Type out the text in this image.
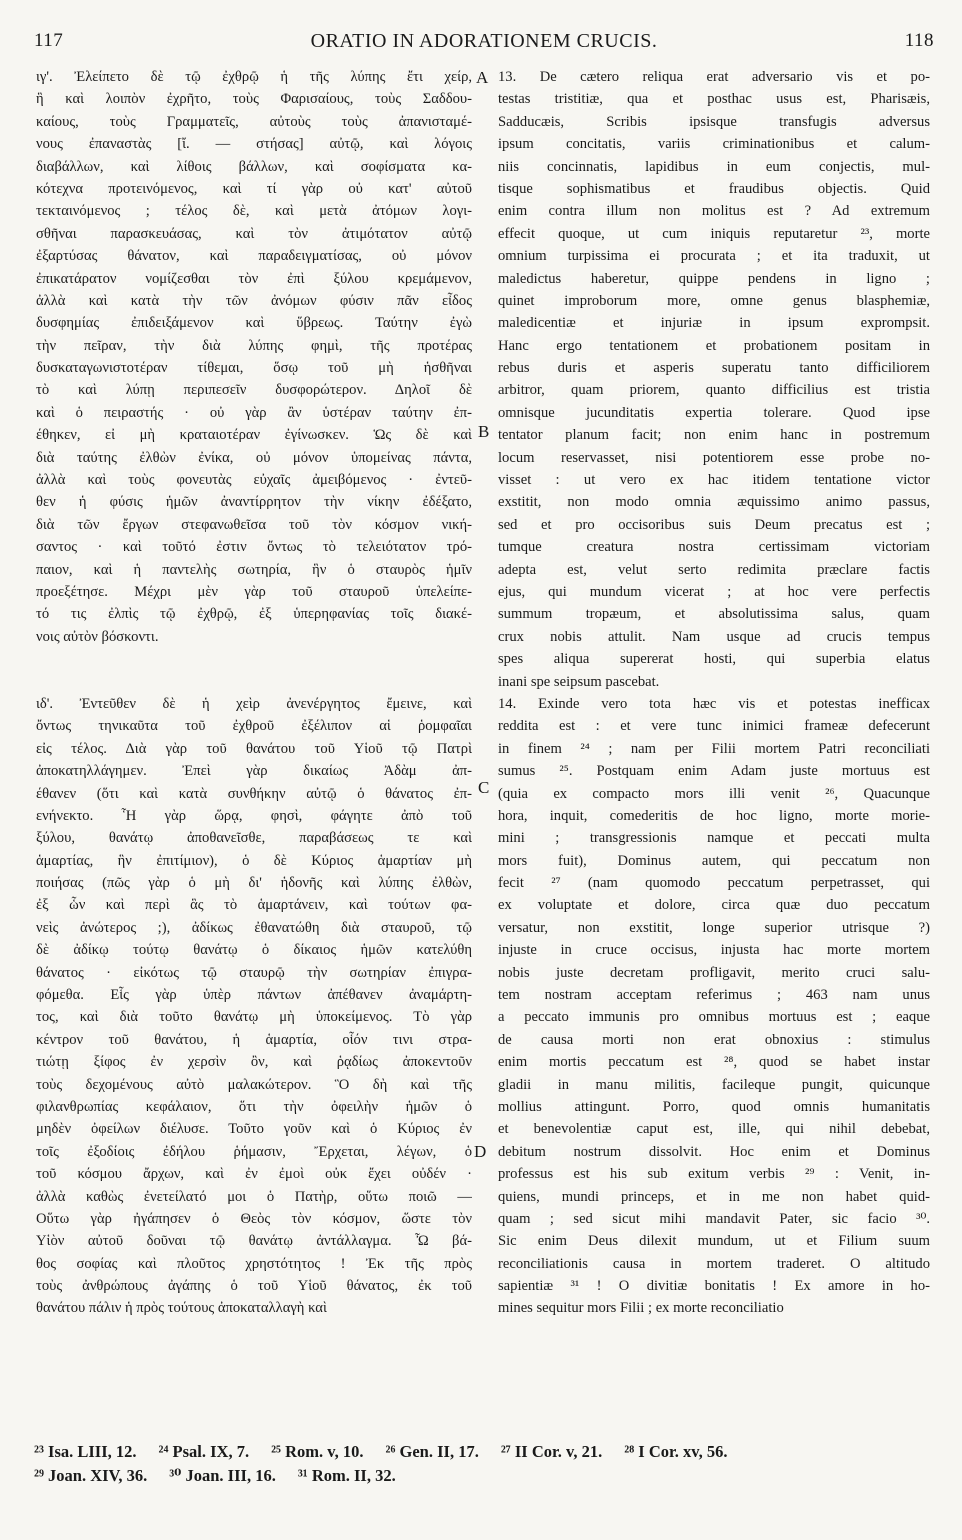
117	ORATIO IN ADORATIONEM CRUCIS.	118
ιγ'. Ἐλείπετο δὲ τῷ ἐχθρῷ ἡ τῆς λύπης ἔτι χείρ,
ἣ καὶ λοιπὸν ἐχρῆτο, τοὺς Φαρισαίους, τοὺς Σαδδου-
καίους, τοὺς Γραμματεῖς, αὐτοὺς τοὺς ἀπανισταμέ-
νους ἐπαναστὰς [ἴ. — στήσας] αὐτῷ, καὶ λόγοις
διαβάλλων, καὶ λίθοις βάλλων, καὶ σοφίσματα κα-
κότεχνα προτεινόμενος, καὶ τί γὰρ οὐ κατ' αὐτοῦ
τεκταινόμενος ; τέλος δὲ, καὶ μετὰ ἀτόμων λογι-
σθῆναι παρασκευάσας, καὶ τὸν ἀτιμότατον αὐτῷ
ἐξαρτύσας θάνατον, καὶ παραδειγματίσας, οὐ μόνον
ἐπικατάρατον νομίζεσθαι τὸν ἐπὶ ξύλου κρεμάμενον,
ἀλλὰ καὶ κατὰ τὴν τῶν ἀνόμων φύσιν πᾶν εἶδος
δυσφημίας ἐπιδειξάμενον καὶ ὕβρεως. Ταύτην ἐγὼ
τὴν πεῖραν, τὴν διὰ λύπης φημὶ, τῆς προτέρας
δυσκαταγωνιστοτέραν τίθεμαι, ὅσῳ τοῦ μὴ ἡσθῆναι
τὸ καὶ λύπῃ περιπεσεῖν δυσφορώτερον. Δηλοῖ δὲ
καὶ ὁ πειραστής · οὐ γὰρ ἂν ὑστέραν ταύτην ἐπ-
έθηκεν, εἰ μὴ κραταιοτέραν ἐγίνωσκεν. Ὡς δὲ καὶ
διὰ ταύτης ἐλθὼν ἐνίκα, οὐ μόνον ὑπομείνας πάντα,
ἀλλὰ καὶ τοὺς φονευτὰς εὐχαῖς ἀμειβόμενος · ἐντεῦ-
θεν ἡ φύσις ἡμῶν ἀναντίρρητον τὴν νίκην ἐδέξατο,
διὰ τῶν ἔργων στεφανωθεῖσα τοῦ τὸν κόσμον νική-
σαντος · καὶ τοῦτό ἐστιν ὄντως τὸ τελειότατον τρό-
παιον, καὶ ἡ παντελὴς σωτηρία, ἣν ὁ σταυρὸς ἡμῖν
προεξέτησε. Μέχρι μὲν γὰρ τοῦ σταυροῦ ὑπελείπε-
τό τις ἐλπὶς τῷ ἐχθρῷ, ἐξ ὑπερηφανίας τοῖς διακέ-
νοις αὐτὸν βόσκοντι.
ιδ'. Ἐντεῦθεν δὲ ἡ χεὶρ ἀνενέργητος ἔμεινε, καὶ
ὄντως τηνικαῦτα τοῦ ἐχθροῦ ἐξέλιπον αἱ ῥομφαῖαι
εἰς τέλος. Διὰ γὰρ τοῦ θανάτου τοῦ Υἱοῦ τῷ Πατρὶ
ἀποκατηλλάγημεν. Ἐπεὶ γὰρ δικαίως Ἀδὰμ ἀπ-
έθανεν (ὅτι καὶ κατὰ συνθήκην αὐτῷ ὁ θάνατος ἐπ-
ενήνεκτο. Ἧ γὰρ ὥρᾳ, φησὶ, φάγητε ἀπὸ τοῦ
ξύλου, θανάτῳ ἀποθανεῖσθε, παραβάσεως τε καὶ
ἁμαρτίας, ἣν ἐπιτίμιον), ὁ δὲ Κύριος ἁμαρτίαν μὴ
ποιήσας (πῶς γὰρ ὁ μὴ δι' ἡδονῆς καὶ λύπης ἐλθὼν,
ἐξ ὧν καὶ περὶ ἃς τὸ ἁμαρτάνειν, καὶ τούτων φα-
νεὶς ἀνώτερος ;), ἀδίκως ἐθανατώθη διὰ σταυροῦ, τῷ
δὲ ἀδίκῳ τούτῳ θανάτῳ ὁ δίκαιος ἡμῶν κατελύθη
θάνατος · εἰκότως τῷ σταυρῷ τὴν σωτηρίαν ἐπιγρα-
φόμεθα. Εἷς γὰρ ὑπὲρ πάντων ἀπέθανεν ἀναμάρτη-
τος, καὶ διὰ τοῦτο θανάτῳ μὴ ὑποκείμενος. Τὸ γὰρ
κέντρον τοῦ θανάτου, ἡ ἁμαρτία, οἷόν τινι στρα-
τιώτῃ ξίφος ἐν χερσὶν ὂν, καὶ ῥᾳδίως ἀποκεντοῦν
τοὺς δεχομένους αὐτὸ μαλακώτερον. Ὃ δὴ καὶ τῆς
φιλανθρωπίας κεφάλαιον, ὅτι τὴν ὀφειλὴν ἡμῶν ὁ
μηδὲν ὀφείλων διέλυσε. Τοῦτο γοῦν καὶ ὁ Κύριος ἐν
τοῖς ἐξοδίοις ἐδήλου ῥήμασιν, Ἔρχεται, λέγων, ὁ
τοῦ κόσμου ἄρχων, καὶ ἐν ἐμοὶ οὐκ ἔχει οὐδέν ·
ἀλλὰ καθὼς ἐνετείλατό μοι ὁ Πατὴρ, οὕτω ποιῶ —
Οὕτω γὰρ ἠγάπησεν ὁ Θεὸς τὸν κόσμον, ὥστε τὸν
Υἱὸν αὐτοῦ δοῦναι τῷ θανάτῳ ἀντάλλαγμα. Ὦ βά-
θος σοφίας καὶ πλοῦτος χρηστότητος ! Ἐκ τῆς πρὸς
τοὺς ἀνθρώπους ἀγάπης ὁ τοῦ Υἱοῦ θάνατος, ἐκ τοῦ
θανάτου πάλιν ἡ πρὸς τούτους ἀποκαταλλαγὴ καὶ
13. De cætero reliqua erat adversario vis et po-
testas tristitiæ, qua et posthac usus est, Pharisæis,
Sadducæis, Scribis ipsisque transfugis adversus
ipsum concitatis, variis criminationibus et calum-
niis concinnatis, lapidibus in eum conjectis, mul-
tisque sophismatibus et fraudibus objectis. Quid
enim contra illum non molitus est ? Ad extremum
effecit quoque, ut cum iniquis reputaretur ²³, morte
omnium turpissima ei procurata ; et ita traduxit, ut
maledictus haberetur, quippe pendens in ligno ;
quinet improborum more, omne genus blasphemiæ,
maledicentiæ et injuriæ in ipsum exprompsit.
Hanc ergo tentationem et probationem positam in
rebus duris et asperis superatu tanto difficiliorem
arbitror, quam priorem, quanto difficilius est tristia
omnisque jucunditatis expertia tolerare. Quod ipse
tentator planum facit; non enim hanc in postremum
locum reservasset, nisi potentiorem esse probe no-
visset : ut vero ex hac itidem tentatione victor
exstitit, non modo omnia æquissimo animo passus,
sed et pro occisoribus suis Deum precatus est ;
tumque creatura nostra certissimam victoriam
adepta est, velut serto redimita præclare factis
ejus, qui mundum vicerat ; at hoc vere perfectis
summum tropæum, et absolutissima salus, quam
crux nobis attulit. Nam usque ad crucis tempus
spes aliqua supererat hosti, qui superbia elatus
inani spe seipsum pascebat.
14. Exinde vero tota hæc vis et potestas inefficax
reddita est : et vere tunc inimici frameæ defecerunt
in finem ²⁴ ; nam per Filii mortem Patri reconciliati
sumus ²⁵. Postquam enim Adam juste mortuus est
(quia ex compacto mors illi venit ²⁶, Quacunque
hora, inquit, comederitis de hoc ligno, morte morie-
mini ; transgressionis namque et peccati multa
mors fuit), Dominus autem, qui peccatum non
fecit ²⁷ (nam quomodo peccatum perpetrasset, qui
ex voluptate et dolore, circa quæ duo peccatum
versatur, non exstitit, longe superior utrisque ?)
injuste in cruce occisus, injusta hac morte mortem
nobis juste decretam profligavit, merito cruci salu-
tem nostram acceptam referimus ; 463 nam unus
a peccato immunis pro omnibus mortuus est ; eaque
de causa morti non erat obnoxius : stimulus
enim mortis peccatum est ²⁸, quod se habet instar
gladii in manu militis, facileque pungit, quicunque
mollius attingunt. Porro, quod omnis humanitatis
et benevolentiæ caput est, ille, qui nihil debebat,
debitum nostrum dissolvit. Hoc enim et Dominus
professus est his sub exitum verbis ²⁹ : Venit, in-
quiens, mundi princeps, et in me non habet quid-
quam ; sed sicut mihi mandavit Pater, sic facio ³⁰.
Sic enim Deus dilexit mundum, ut et Filium suum
reconciliationis causa in mortem traderet. O altitudo
sapientiæ ³¹ ! O divitiæ bonitatis ! Ex amore in ho-
mines sequitur mors Filii ; ex morte reconciliatio
A
B
C
D
²³ Isa. LIII, 12. ²⁴ Psal. IX, 7. ²⁵ Rom. v, 10. ²⁶ Gen. II, 17. ²⁷ II Cor. v, 21. ²⁸ I Cor. xv, 56.
²⁹ Joan. XIV, 36. ³⁰ Joan. III, 16. ³¹ Rom. II, 32.
